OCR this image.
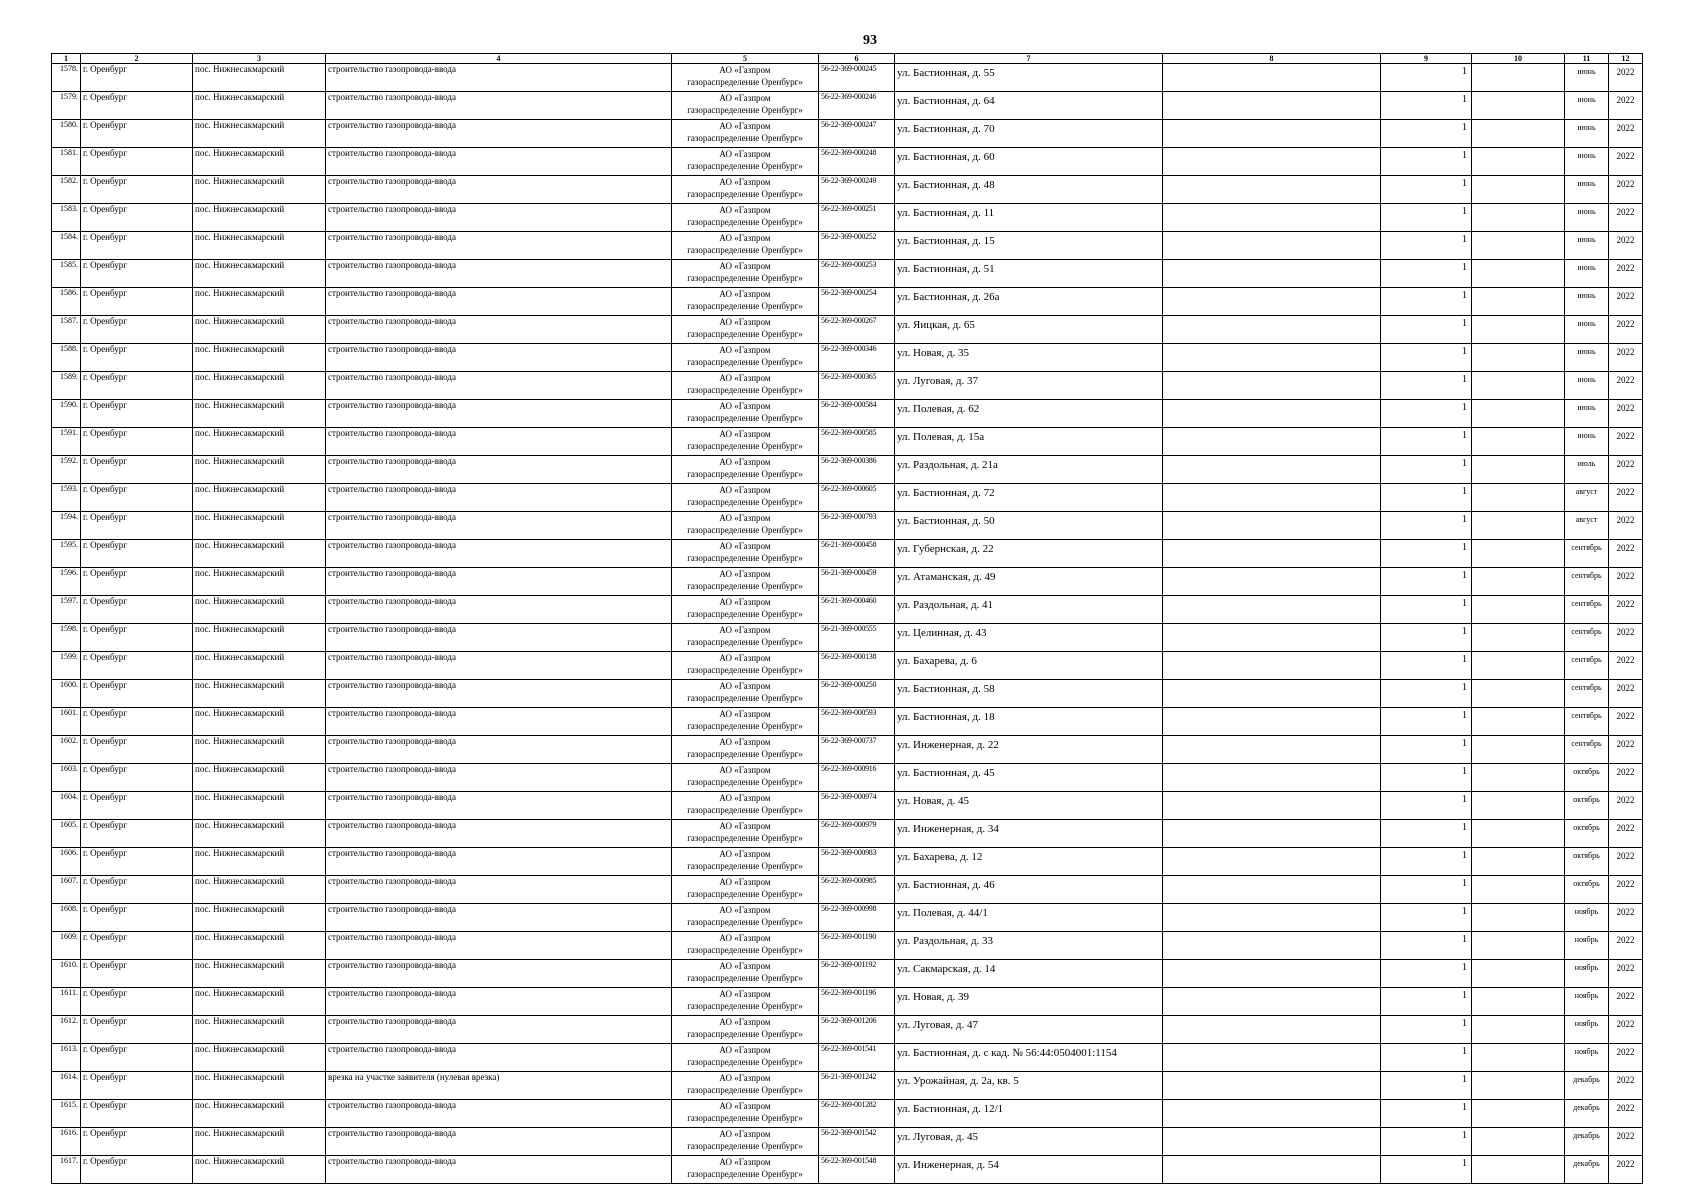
93
1	2	3	4	5	6	7	8	9	10	11	12
1578.	г. Оренбург	пос. Нижнесакмарский	строительство газопровода-ввода	АО «Газпром
газораспределение Оренбург»	56-22-369-000245	ул. Бастионная, д. 55		1		июнь	2022
1579.	г. Оренбург	пос. Нижнесакмарский	строительство газопровода-ввода	АО «Газпром
газораспределение Оренбург»	56-22-369-000246	ул. Бастионная, д. 64		1		июнь	2022
1580.	г. Оренбург	пос. Нижнесакмарский	строительство газопровода-ввода	АО «Газпром
газораспределение Оренбург»	56-22-369-000247	ул. Бастионная, д. 70		1		июнь	2022
1581.	г. Оренбург	пос. Нижнесакмарский	строительство газопровода-ввода	АО «Газпром
газораспределение Оренбург»	56-22-369-000248	ул. Бастионная, д. 60		1		июнь	2022
1582.	г. Оренбург	пос. Нижнесакмарский	строительство газопровода-ввода	АО «Газпром
газораспределение Оренбург»	56-22-369-000249	ул. Бастионная, д. 48		1		июнь	2022
1583.	г. Оренбург	пос. Нижнесакмарский	строительство газопровода-ввода	АО «Газпром
газораспределение Оренбург»	56-22-369-000251	ул. Бастионная, д. 11		1		июнь	2022
1584.	г. Оренбург	пос. Нижнесакмарский	строительство газопровода-ввода	АО «Газпром
газораспределение Оренбург»	56-22-369-000252	ул. Бастионная, д. 15		1		июнь	2022
1585.	г. Оренбург	пос. Нижнесакмарский	строительство газопровода-ввода	АО «Газпром
газораспределение Оренбург»	56-22-369-000253	ул. Бастионная, д. 51		1		июнь	2022
1586.	г. Оренбург	пос. Нижнесакмарский	строительство газопровода-ввода	АО «Газпром
газораспределение Оренбург»	56-22-369-000254	ул. Бастионная, д. 26а		1		июнь	2022
1587.	г. Оренбург	пос. Нижнесакмарский	строительство газопровода-ввода	АО «Газпром
газораспределение Оренбург»	56-22-369-000267	ул. Яицкая, д. 65		1		июнь	2022
1588.	г. Оренбург	пос. Нижнесакмарский	строительство газопровода-ввода	АО «Газпром
газораспределение Оренбург»	56-22-369-000346	ул. Новая, д. 35		1		июнь	2022
1589.	г. Оренбург	пос. Нижнесакмарский	строительство газопровода-ввода	АО «Газпром
газораспределение Оренбург»	56-22-369-000365	ул. Луговая, д. 37		1		июнь	2022
1590.	г. Оренбург	пос. Нижнесакмарский	строительство газопровода-ввода	АО «Газпром
газораспределение Оренбург»	56-22-369-000584	ул. Полевая, д. 62		1		июнь	2022
1591.	г. Оренбург	пос. Нижнесакмарский	строительство газопровода-ввода	АО «Газпром
газораспределение Оренбург»	56-22-369-000585	ул. Полевая, д. 15а		1		июнь	2022
1592.	г. Оренбург	пос. Нижнесакмарский	строительство газопровода-ввода	АО «Газпром
газораспределение Оренбург»	56-22-369-000386	ул. Раздольная, д. 21а		1		июль	2022
1593.	г. Оренбург	пос. Нижнесакмарский	строительство газопровода-ввода	АО «Газпром
газораспределение Оренбург»	56-22-369-000605	ул. Бастионная, д. 72		1		август	2022
1594.	г. Оренбург	пос. Нижнесакмарский	строительство газопровода-ввода	АО «Газпром
газораспределение Оренбург»	56-22-369-000793	ул. Бастионная, д. 50		1		август	2022
1595.	г. Оренбург	пос. Нижнесакмарский	строительство газопровода-ввода	АО «Газпром
газораспределение Оренбург»	56-21-369-000458	ул. Губернская, д. 22		1		сентябрь	2022
1596.	г. Оренбург	пос. Нижнесакмарский	строительство газопровода-ввода	АО «Газпром
газораспределение Оренбург»	56-21-369-000459	ул. Атаманская, д. 49		1		сентябрь	2022
1597.	г. Оренбург	пос. Нижнесакмарский	строительство газопровода-ввода	АО «Газпром
газораспределение Оренбург»	56-21-369-000460	ул. Раздольная, д. 41		1		сентябрь	2022
1598.	г. Оренбург	пос. Нижнесакмарский	строительство газопровода-ввода	АО «Газпром
газораспределение Оренбург»	56-21-369-000555	ул. Целинная, д. 43		1		сентябрь	2022
1599.	г. Оренбург	пос. Нижнесакмарский	строительство газопровода-ввода	АО «Газпром
газораспределение Оренбург»	56-22-369-000138	ул. Бахарева, д. 6		1		сентябрь	2022
1600.	г. Оренбург	пос. Нижнесакмарский	строительство газопровода-ввода	АО «Газпром
газораспределение Оренбург»	56-22-369-000250	ул. Бастионная, д. 58		1		сентябрь	2022
1601.	г. Оренбург	пос. Нижнесакмарский	строительство газопровода-ввода	АО «Газпром
газораспределение Оренбург»	56-22-369-000593	ул. Бастионная, д. 18		1		сентябрь	2022
1602.	г. Оренбург	пос. Нижнесакмарский	строительство газопровода-ввода	АО «Газпром
газораспределение Оренбург»	56-22-369-000737	ул. Инженерная, д. 22		1		сентябрь	2022
1603.	г. Оренбург	пос. Нижнесакмарский	строительство газопровода-ввода	АО «Газпром
газораспределение Оренбург»	56-22-369-000916	ул. Бастионная, д. 45		1		октябрь	2022
1604.	г. Оренбург	пос. Нижнесакмарский	строительство газопровода-ввода	АО «Газпром
газораспределение Оренбург»	56-22-369-000974	ул. Новая, д. 45		1		октябрь	2022
1605.	г. Оренбург	пос. Нижнесакмарский	строительство газопровода-ввода	АО «Газпром
газораспределение Оренбург»	56-22-369-000979	ул. Инженерная, д. 34		1		октябрь	2022
1606.	г. Оренбург	пос. Нижнесакмарский	строительство газопровода-ввода	АО «Газпром
газораспределение Оренбург»	56-22-369-000983	ул. Бахарева, д. 12		1		октябрь	2022
1607.	г. Оренбург	пос. Нижнесакмарский	строительство газопровода-ввода	АО «Газпром
газораспределение Оренбург»	56-22-369-000985	ул. Бастионная, д. 46		1		октябрь	2022
1608.	г. Оренбург	пос. Нижнесакмарский	строительство газопровода-ввода	АО «Газпром
газораспределение Оренбург»	56-22-369-000998	ул. Полевая, д. 44/1		1		ноябрь	2022
1609.	г. Оренбург	пос. Нижнесакмарский	строительство газопровода-ввода	АО «Газпром
газораспределение Оренбург»	56-22-369-001190	ул. Раздольная, д. 33		1		ноябрь	2022
1610.	г. Оренбург	пос. Нижнесакмарский	строительство газопровода-ввода	АО «Газпром
газораспределение Оренбург»	56-22-369-001192	ул. Сакмарская, д. 14		1		ноябрь	2022
1611.	г. Оренбург	пос. Нижнесакмарский	строительство газопровода-ввода	АО «Газпром
газораспределение Оренбург»	56-22-369-001196	ул. Новая, д. 39		1		ноябрь	2022
1612.	г. Оренбург	пос. Нижнесакмарский	строительство газопровода-ввода	АО «Газпром
газораспределение Оренбург»	56-22-369-001206	ул. Луговая, д. 47		1		ноябрь	2022
1613.	г. Оренбург	пос. Нижнесакмарский	строительство газопровода-ввода	АО «Газпром
газораспределение Оренбург»	56-22-369-001541	ул. Бастионная, д. с кад. № 56:44:0504001:1154		1		ноябрь	2022
1614.	г. Оренбург	пос. Нижнесакмарский	врезка на участке заявителя (нулевая врезка)	АО «Газпром
газораспределение Оренбург»	56-21-369-001242	ул. Урожайная, д. 2а, кв. 5		1		декабрь	2022
1615.	г. Оренбург	пос. Нижнесакмарский	строительство газопровода-ввода	АО «Газпром
газораспределение Оренбург»	56-22-369-001282	ул. Бастионная, д. 12/1		1		декабрь	2022
1616.	г. Оренбург	пос. Нижнесакмарский	строительство газопровода-ввода	АО «Газпром
газораспределение Оренбург»	56-22-369-001542	ул. Луговая, д. 45		1		декабрь	2022
1617.	г. Оренбург	пос. Нижнесакмарский	строительство газопровода-ввода	АО «Газпром
газораспределение Оренбург»	56-22-369-001548	ул. Инженерная, д. 54		1		декабрь	2022
